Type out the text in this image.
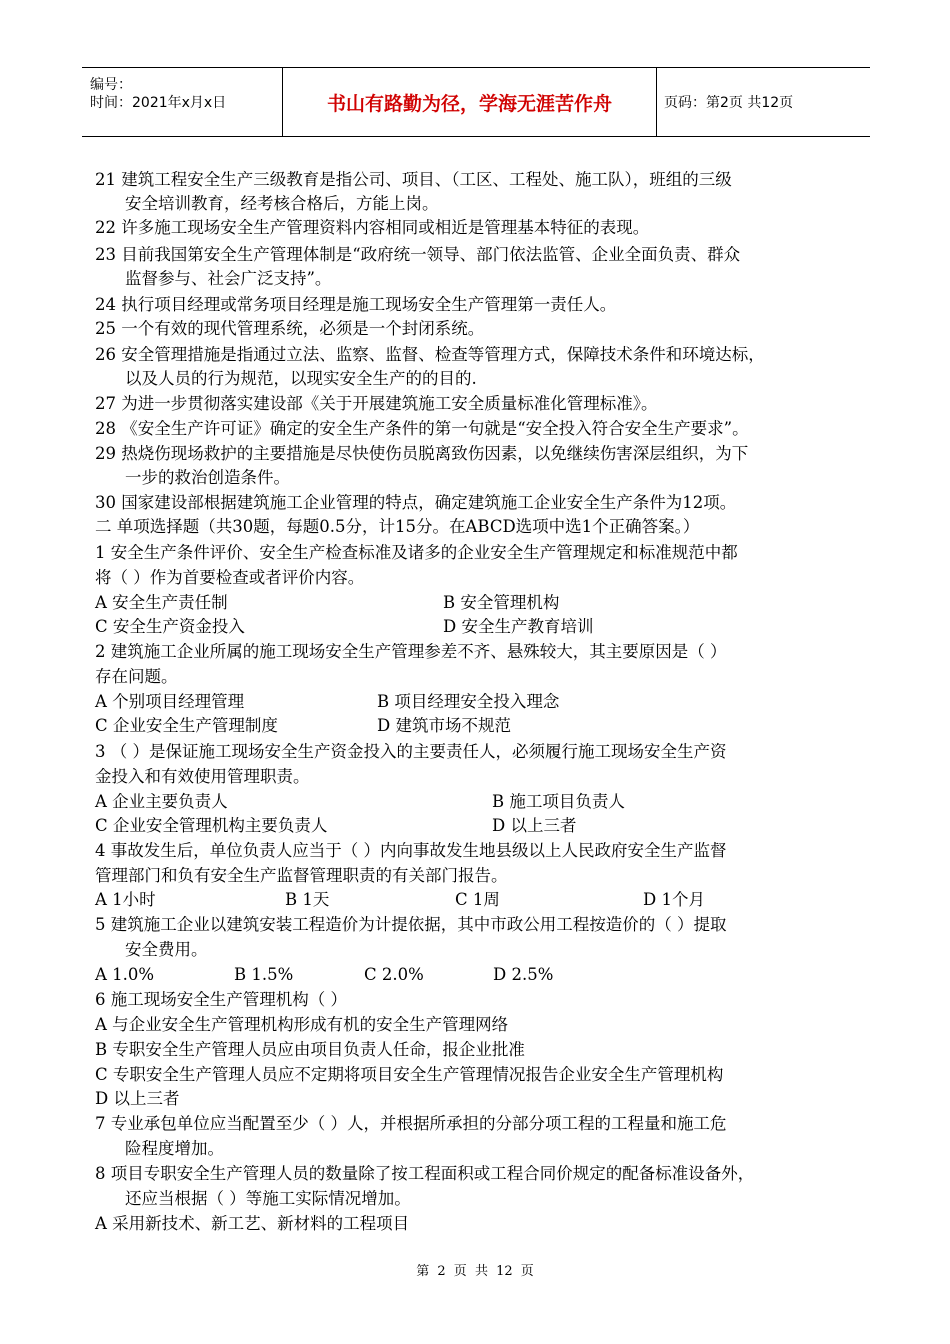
编号：
时间：2021年x月x日	书山有路勤为径，学海无涯苦作舟	页码：第2页 共12页
21 建筑工程安全生产三级教育是指公司、项目、（工区、工程处、施工队），班组的三级
安全培训教育，经考核合格后，方能上岗。
22 许多施工现场安全生产管理资料内容相同或相近是管理基本特征的表现。
23 目前我国第安全生产管理体制是“政府统一领导、部门依法监管、企业全面负责、群众
监督参与、社会广泛支持”。
24 执行项目经理或常务项目经理是施工现场安全生产管理第一责任人。
25 一个有效的现代管理系统，必须是一个封闭系统。
26 安全管理措施是指通过立法、监察、监督、检查等管理方式，保障技术条件和环境达标，
以及人员的行为规范，以现实安全生产的的目的.
27 为进一步贯彻落实建设部《关于开展建筑施工安全质量标准化管理标准》。
28 《安全生产许可证》确定的安全生产条件的第一句就是“安全投入符合安全生产要求”。
29 热烧伤现场救护的主要措施是尽快使伤员脱离致伤因素，以免继续伤害深层组织，为下
一步的救治创造条件。
30 国家建设部根据建筑施工企业管理的特点，确定建筑施工企业安全生产条件为12项。
二 单项选择题（共30题，每题0.5分，计15分。在ABCD选项中选1个正确答案。）
1 安全生产条件评价、安全生产检查标准及诸多的企业安全生产管理规定和标准规范中都
将（ ）作为首要检查或者评价内容。
A 安全生产责任制	B 安全管理机构
C 安全生产资金投入	D 安全生产教育培训
2 建筑施工企业所属的施工现场安全生产管理参差不齐、悬殊较大，其主要原因是（ ）
存在问题。
A 个别项目经理管理	B 项目经理安全投入理念
C 企业安全生产管理制度	D 建筑市场不规范
3 （ ）是保证施工现场安全生产资金投入的主要责任人，必须履行施工现场安全生产资
金投入和有效使用管理职责。
A 企业主要负责人	B 施工项目负责人
C 企业安全管理机构主要负责人	D 以上三者
4 事故发生后，单位负责人应当于（ ）内向事故发生地县级以上人民政府安全生产监督
管理部门和负有安全生产监督管理职责的有关部门报告。
A 1小时	B 1天	C 1周	D 1个月
5 建筑施工企业以建筑安装工程造价为计提依据，其中市政公用工程按造价的（ ）提取
安全费用。
A 1.0%	B 1.5%	C 2.0%	D 2.5%
6 施工现场安全生产管理机构（ ）
A 与企业安全生产管理机构形成有机的安全生产管理网络
B 专职安全生产管理人员应由项目负责人任命，报企业批准
C 专职安全生产管理人员应不定期将项目安全生产管理情况报告企业安全生产管理机构
D 以上三者
7 专业承包单位应当配置至少（ ）人，并根据所承担的分部分项工程的工程量和施工危
险程度增加。
8 项目专职安全生产管理人员的数量除了按工程面积或工程合同价规定的配备标准设备外，
还应当根据（ ）等施工实际情况增加。
A 采用新技术、新工艺、新材料的工程项目
第 2 页 共 12 页
